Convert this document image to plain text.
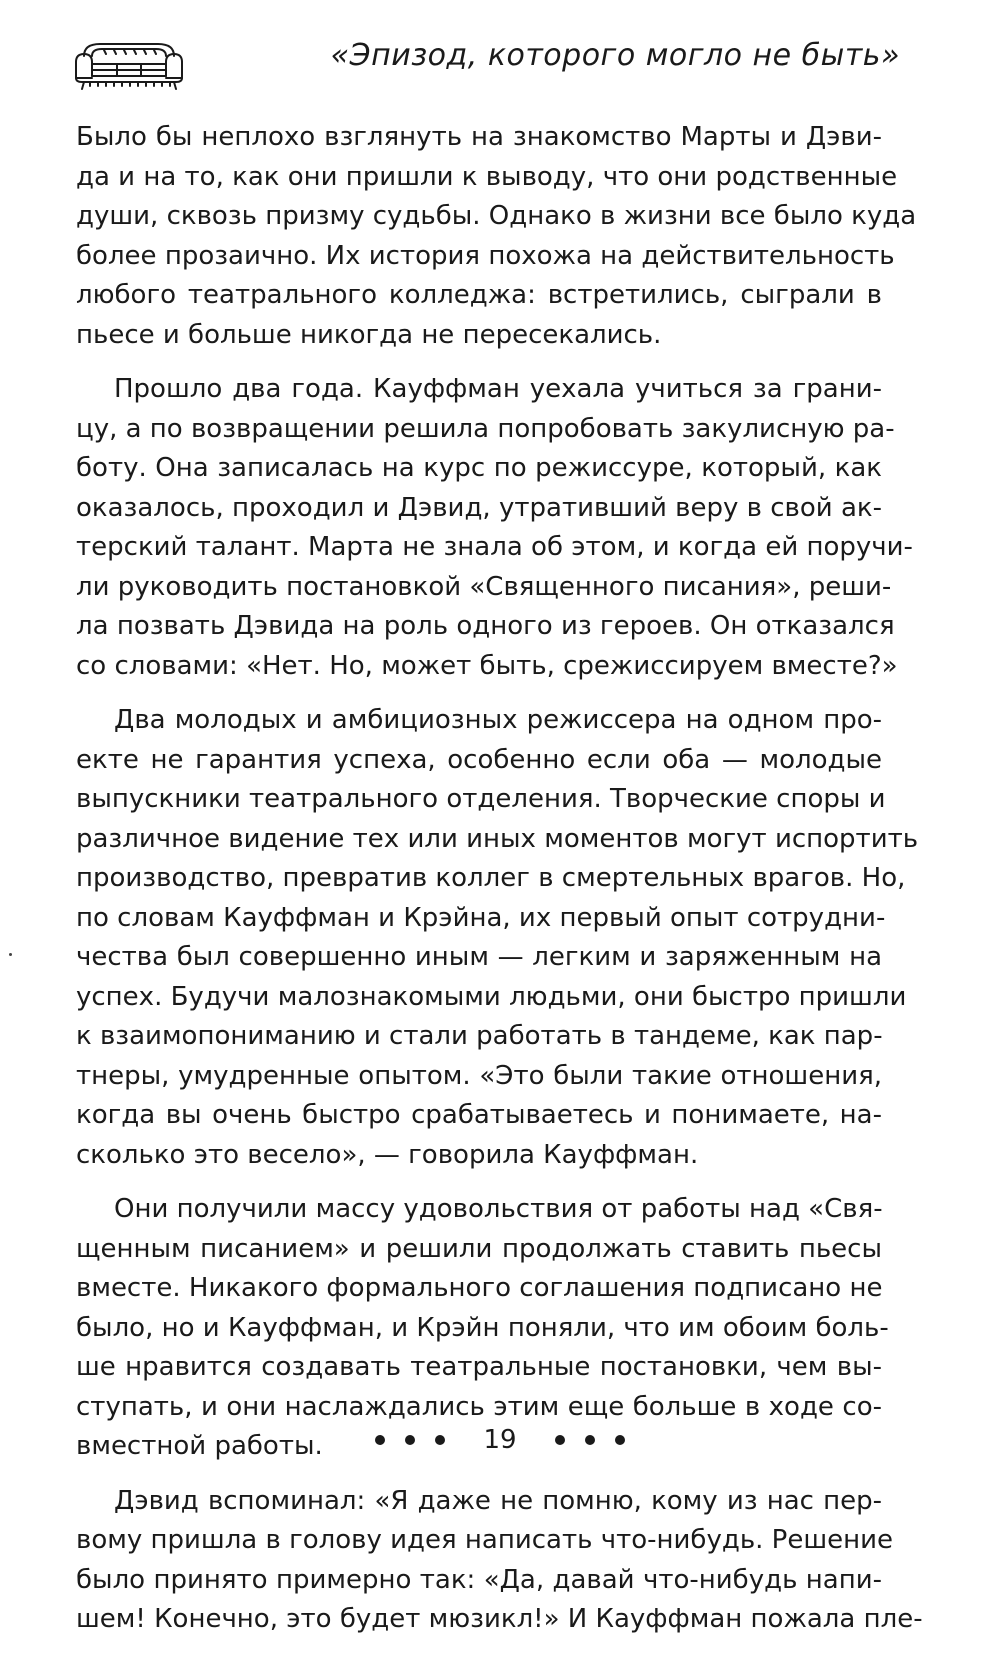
«Эпизод, которого могло не быть»

Было бы неплохо взглянуть на знакомство Марты и Дэви-
да и на то, как они пришли к выводу, что они родственные
души, сквозь призму судьбы. Однако в жизни все было куда
более прозаично. Их история похожа на действительность
любого театрального колледжа: встретились, сыграли в
пьесе и больше никогда не пересекались.

Прошло два года. Кауффман уехала учиться за грани-
цу, а по возвращении решила попробовать закулисную ра-
боту. Она записалась на курс по режиссуре, который, как
оказалось, проходил и Дэвид, утративший веру в свой ак-
терский талант. Марта не знала об этом, и когда ей поручи-
ли руководить постановкой «Священного писания», реши-
ла позвать Дэвида на роль одного из героев. Он отказался
со словами: «Нет. Но, может быть, срежиссируем вместе?»

Два молодых и амбициозных режиссера на одном про-
екте не гарантия успеха, особенно если оба — молодые
выпускники театрального отделения. Творческие споры и
различное видение тех или иных моментов могут испортить
производство, превратив коллег в смертельных врагов. Но,
по словам Кауффман и Крэйна, их первый опыт сотрудни-
чества был совершенно иным — легким и заряженным на
успех. Будучи малознакомыми людьми, они быстро пришли
к взаимопониманию и стали работать в тандеме, как пар-
тнеры, умудренные опытом. «Это были такие отношения,
когда вы очень быстро срабатываетесь и понимаете, на-
сколько это весело», — говорила Кауффман.

Они получили массу удовольствия от работы над «Свя-
щенным писанием» и решили продолжать ставить пьесы
вместе. Никакого формального соглашения подписано не
было, но и Кауффман, и Крэйн поняли, что им обоим боль-
ше нравится создавать театральные постановки, чем вы-
ступать, и они наслаждались этим еще больше в ходе со-
вместной работы.

Дэвид вспоминал: «Я даже не помню, кому из нас пер-
вому пришла в голову идея написать что-нибудь. Решение
было принято примерно так: «Да, давай что-нибудь напи-
шем! Конечно, это будет мюзикл!» И Кауффман пожала пле-

19
